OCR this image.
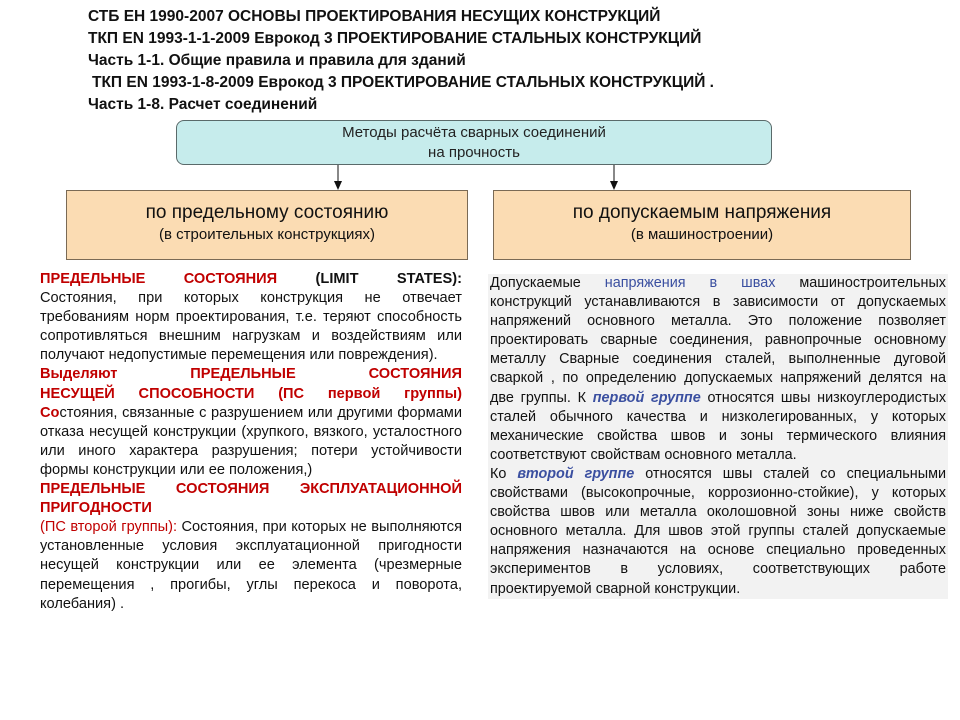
СТБ ЕН 1990-2007 ОСНОВЫ ПРОЕКТИРОВАНИЯ НЕСУЩИХ КОНСТРУКЦИЙ
ТКП EN 1993-1-1-2009 Еврокод 3 ПРОЕКТИРОВАНИЕ СТАЛЬНЫХ КОНСТРУКЦИЙ
Часть 1-1. Общие правила и правила для зданий
ТКП EN 1993-1-8-2009 Еврокод 3 ПРОЕКТИРОВАНИЕ СТАЛЬНЫХ КОНСТРУКЦИЙ .
Часть 1-8. Расчет соединений
Методы расчёта сварных соединений
на прочность
по предельному состоянию
(в строительных конструкциях)
по допускаемым напряжения
(в машиностроении)

ПРЕДЕЛЬНЫЕ СОСТОЯНИЯ	(LIMIT STATES):

Состояния, при которых конструкция не отвечает требованиям норм проектирования, т.е. теряют способность сопротивляться внешним нагрузкам и воздействиям или получают недопустимые перемещения или повреждения).

Выделяют ПРЕДЕЛЬНЫЕ СОСТОЯНИЯ

НЕСУЩЕЙ СПОСОБНОСТИ (ПС первой группы)

Состояния, связанные с разрушением или другими формами отказа несущей конструкции (хрупкого, вязкого, усталостного или иного характера разрушения; потери устойчивости формы конструкции или ее положения,)

ПРЕДЕЛЬНЫЕ СОСТОЯНИЯ ЭКСПЛУАТАЦИОННОЙ ПРИГОДНОСТИ

(ПС второй группы): Состояния, при которых не выполняются установленные условия эксплуатационной пригодности несущей конструкции или ее элемента (чрезмерные перемещения , прогибы, углы перекоса и поворота, колебания) .

Допускаемые напряжения в швах машиностроительных конструкций устанавливаются в зависимости от допускаемых напряжений основного металла. Это положение позволяет проектировать сварные соединения, равнопрочные основному металлу Сварные соединения сталей, выполненные дуговой сваркой , по определению допускаемых напряжений делятся на две группы. К первой группе относятся швы низкоуглеродистых сталей обычного качества и низколегированных, у которых механические свойства швов и зоны термического влияния соответствуют свойствам основного металла.

Ко второй группе относятся швы сталей со специальными свойствами (высокопрочные, коррозионно-стойкие), у которых свойства швов или металла околошовной зоны ниже свойств основного металла. Для швов этой группы сталей допускаемые напряжения назначаются на основе специально проведенных экспериментов в условиях, соответствующих работе проектируемой сварной конструкции.
